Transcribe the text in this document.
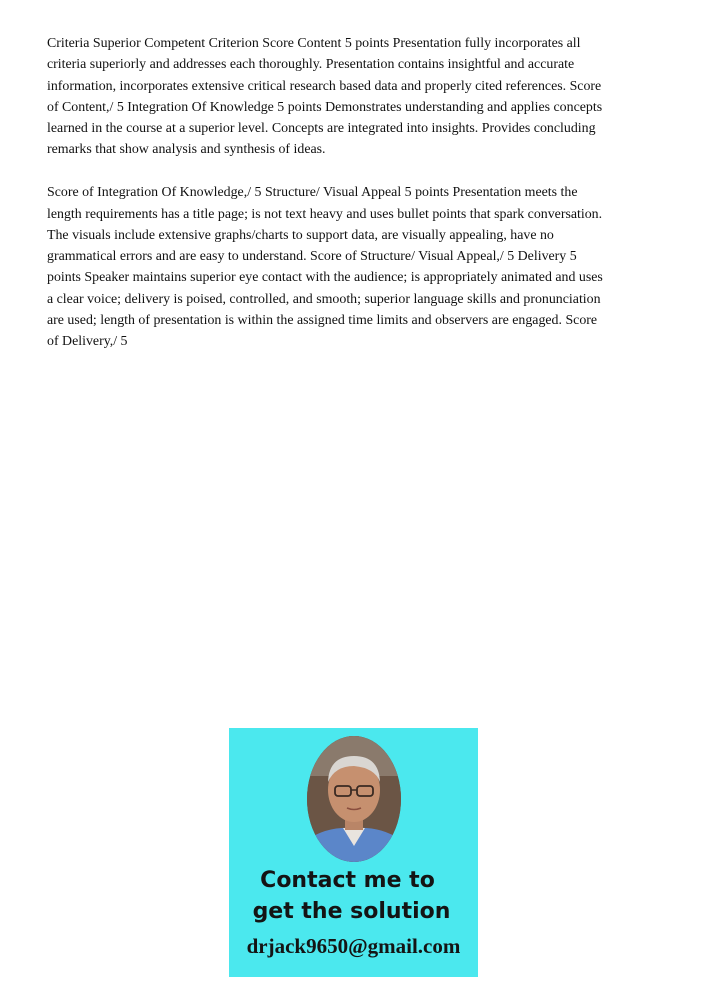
Criteria Superior Competent Criterion Score Content 5 points Presentation fully incorporates all criteria superiorly and addresses each thoroughly. Presentation contains insightful and accurate information, incorporates extensive critical research based data and properly cited references. Score of Content,/ 5 Integration Of Knowledge 5 points Demonstrates understanding and applies concepts learned in the course at a superior level. Concepts are integrated into insights. Provides concluding remarks that show analysis and synthesis of ideas.

Score of Integration Of Knowledge,/ 5 Structure/ Visual Appeal 5 points Presentation meets the length requirements has a title page; is not text heavy and uses bullet points that spark conversation. The visuals include extensive graphs/charts to support data, are visually appealing, have no grammatical errors and are easy to understand. Score of Structure/ Visual Appeal,/ 5 Delivery 5 points Speaker maintains superior eye contact with the audience; is appropriately animated and uses a clear voice; delivery is poised, controlled, and smooth; superior language skills and pronunciation are used; length of presentation is within the assigned time limits and observers are engaged. Score of Delivery,/ 5

Contact me to
get the solution
drjack9650@gmail.com
